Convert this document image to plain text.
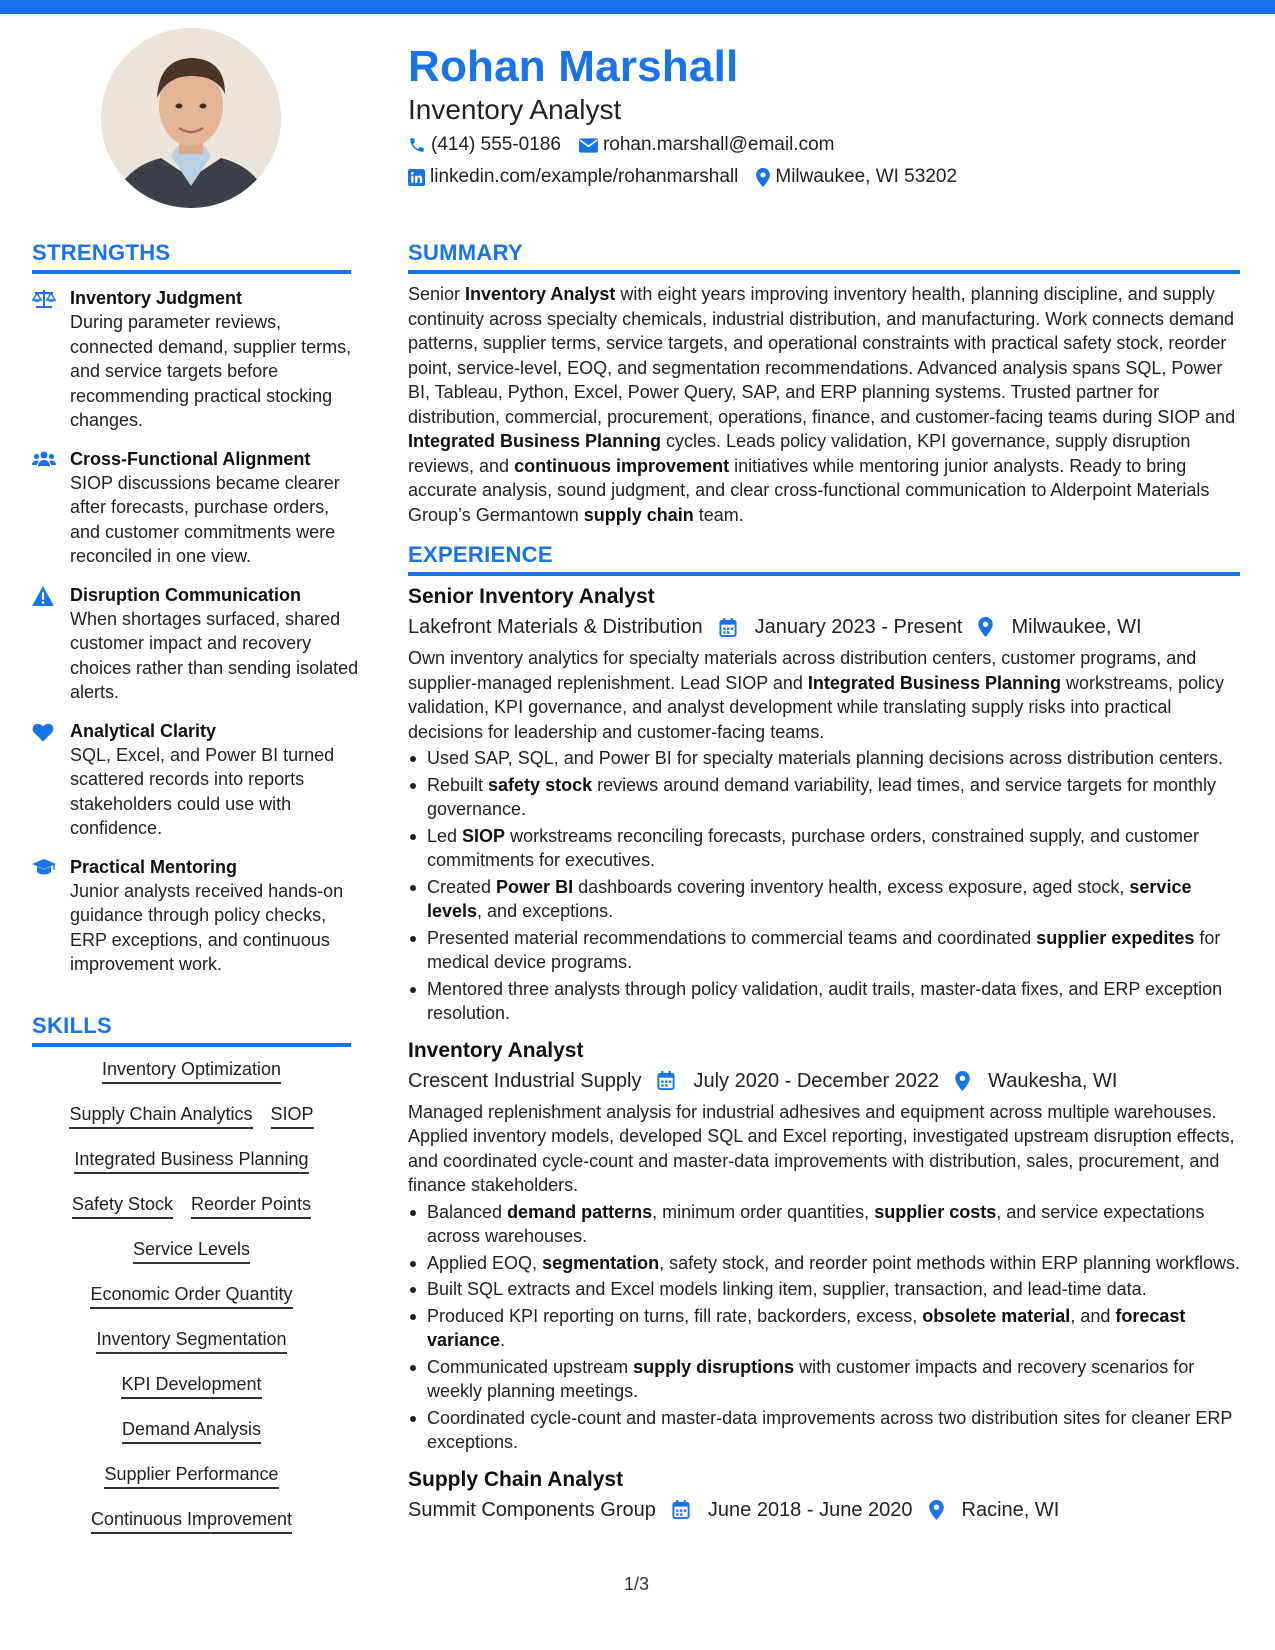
Rohan Marshall
Inventory Analyst
(414) 555-0186 rohan.marshall@email.com
linkedin.com/example/rohanmarshall Milwaukee, WI 53202
STRENGTHS
Inventory Judgment
During parameter reviews, connected demand, supplier terms, and service targets before recommending practical stocking changes.
Cross-Functional Alignment
SIOP discussions became clearer after forecasts, purchase orders, and customer commitments were reconciled in one view.
Disruption Communication
When shortages surfaced, shared customer impact and recovery choices rather than sending isolated alerts.
Analytical Clarity
SQL, Excel, and Power BI turned scattered records into reports stakeholders could use with confidence.
Practical Mentoring
Junior analysts received hands-on guidance through policy checks, ERP exceptions, and continuous improvement work.
SKILLS
Inventory Optimization
Supply Chain Analytics SIOP
Integrated Business Planning
Safety Stock Reorder Points
Service Levels
Economic Order Quantity
Inventory Segmentation
KPI Development
Demand Analysis
Supplier Performance
Continuous Improvement
SUMMARY
Senior Inventory Analyst with eight years improving inventory health, planning discipline, and supply continuity across specialty chemicals, industrial distribution, and manufacturing. Work connects demand patterns, supplier terms, service targets, and operational constraints with practical safety stock, reorder point, service-level, EOQ, and segmentation recommendations. Advanced analysis spans SQL, Power BI, Tableau, Python, Excel, Power Query, SAP, and ERP planning systems. Trusted partner for distribution, commercial, procurement, operations, finance, and customer-facing teams during SIOP and Integrated Business Planning cycles. Leads policy validation, KPI governance, supply disruption reviews, and continuous improvement initiatives while mentoring junior analysts. Ready to bring accurate analysis, sound judgment, and clear cross-functional communication to Alderpoint Materials Group’s Germantown supply chain team.
EXPERIENCE
Senior Inventory Analyst
Lakefront Materials & Distribution	January 2023 - Present Milwaukee, WI
Own inventory analytics for specialty materials across distribution centers, customer programs, and supplier-managed replenishment. Lead SIOP and Integrated Business Planning workstreams, policy validation, KPI governance, and analyst development while translating supply risks into practical decisions for leadership and customer-facing teams.
Used SAP, SQL, and Power BI for specialty materials planning decisions across distribution centers.
Rebuilt safety stock reviews around demand variability, lead times, and service targets for monthly governance.
Led SIOP workstreams reconciling forecasts, purchase orders, constrained supply, and customer commitments for executives.
Created Power BI dashboards covering inventory health, excess exposure, aged stock, service levels, and exceptions.
Presented material recommendations to commercial teams and coordinated supplier expedites for medical device programs.
Mentored three analysts through policy validation, audit trails, master-data fixes, and ERP exception resolution.
Inventory Analyst
Crescent Industrial Supply	July 2020 - December 2022 Waukesha, WI
Managed replenishment analysis for industrial adhesives and equipment across multiple warehouses. Applied inventory models, developed SQL and Excel reporting, investigated upstream disruption effects, and coordinated cycle-count and master-data improvements with distribution, sales, procurement, and finance stakeholders.
Balanced demand patterns, minimum order quantities, supplier costs, and service expectations across warehouses.
Applied EOQ, segmentation, safety stock, and reorder point methods within ERP planning workflows.
Built SQL extracts and Excel models linking item, supplier, transaction, and lead-time data.
Produced KPI reporting on turns, fill rate, backorders, excess, obsolete material, and forecast variance.
Communicated upstream supply disruptions with customer impacts and recovery scenarios for weekly planning meetings.
Coordinated cycle-count and master-data improvements across two distribution sites for cleaner ERP exceptions.
Supply Chain Analyst
Summit Components Group	June 2018 - June 2020 Racine, WI
1/3
